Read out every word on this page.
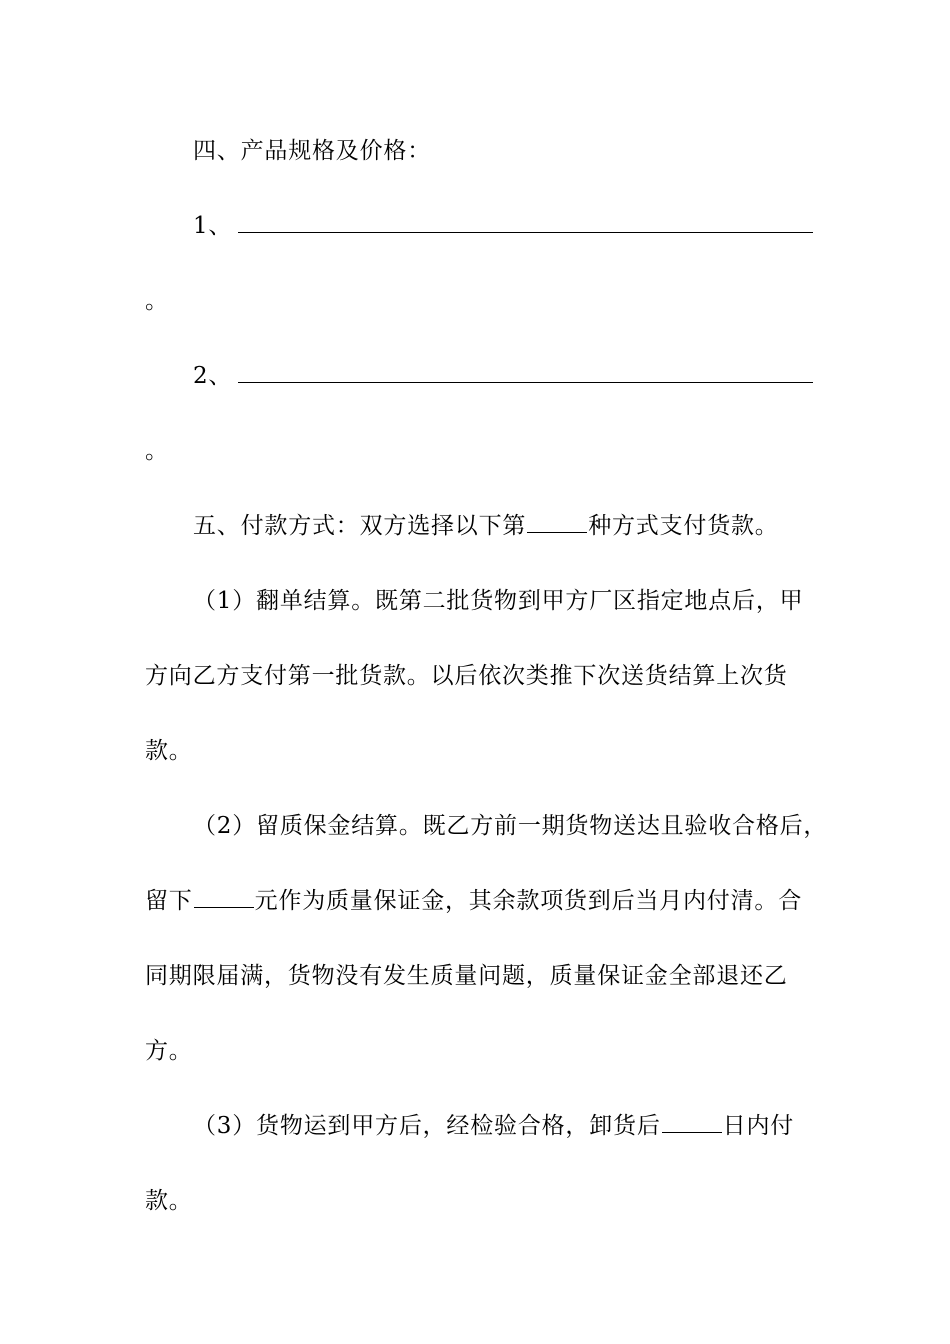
四、产品规格及价格：
1、
。
2、
。
五、付款方式：双方选择以下第	种方式支付货款。
（1）翻单结算。既第二批货物到甲方厂区指定地点后，甲
方向乙方支付第一批货款。以后依次类推下次送货结算上次货
款。
（2）留质保金结算。既乙方前一期货物送达且验收合格后，
留下	元作为质量保证金，其余款项货到后当月内付清。合
同期限届满，货物没有发生质量问题，质量保证金全部退还乙
方。
（3）货物运到甲方后，经检验合格，卸货后	日内付
款。
